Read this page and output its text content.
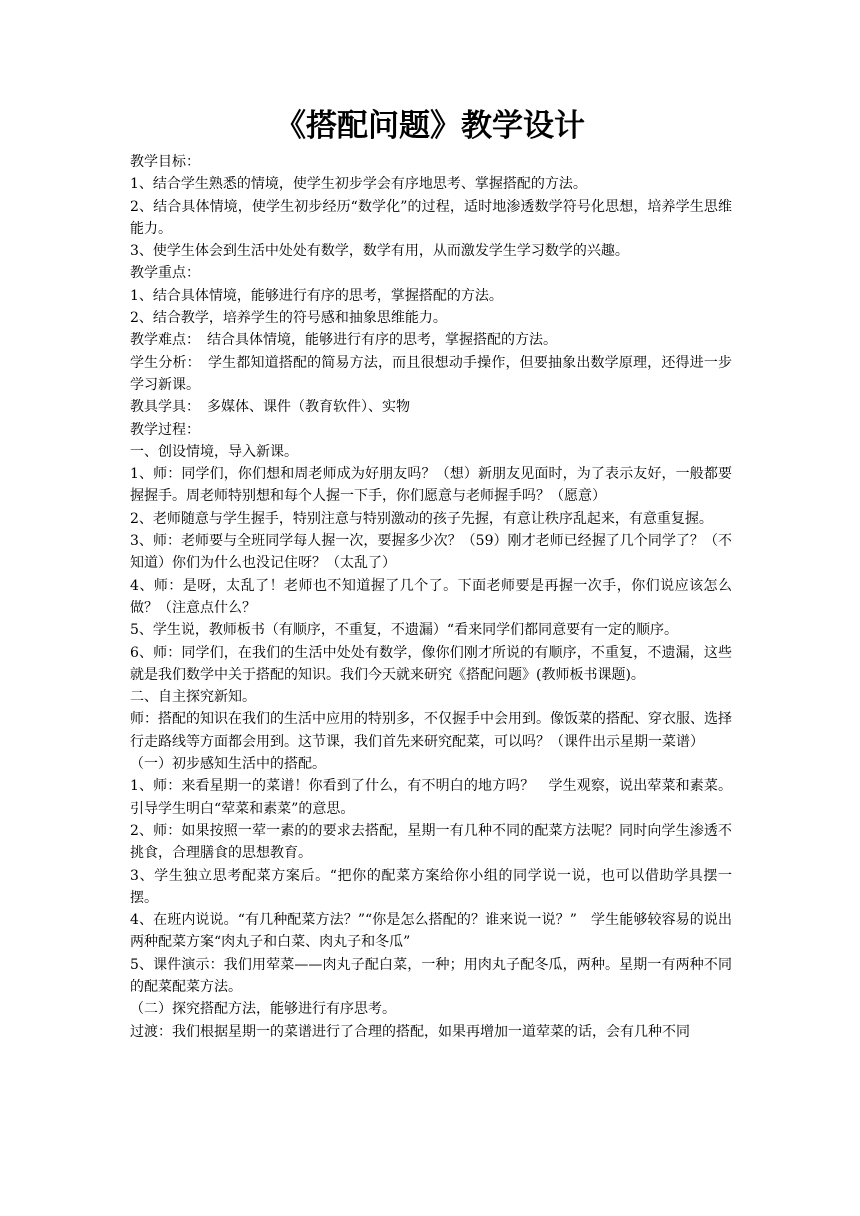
《搭配问题》教学设计

教学目标：

1、结合学生熟悉的情境，使学生初步学会有序地思考、掌握搭配的方法。

2、结合具体情境，使学生初步经历“数学化”的过程，适时地渗透数学符号化思想，培养学生思维能力。

3、使学生体会到生活中处处有数学，数学有用，从而激发学生学习数学的兴趣。

教学重点：

1、结合具体情境，能够进行有序的思考，掌握搭配的方法。

2、结合教学，培养学生的符号感和抽象思维能力。

教学难点：　结合具体情境，能够进行有序的思考，掌握搭配的方法。

学生分析：　学生都知道搭配的简易方法，而且很想动手操作，但要抽象出数学原理，还得进一步学习新课。

教具学具：　多媒体、课件（教育软件）、实物

教学过程：

一、创设情境，导入新课。

1、师：同学们，你们想和周老师成为好朋友吗？（想）新朋友见面时，为了表示友好，一般都要握握手。周老师特别想和每个人握一下手，你们愿意与老师握手吗？（愿意）

2、老师随意与学生握手，特别注意与特别激动的孩子先握，有意让秩序乱起来，有意重复握。

3、师：老师要与全班同学每人握一次，要握多少次？（59）刚才老师已经握了几个同学了？（不知道）你们为什么也没记住呀？（太乱了）

4、师：是呀，太乱了！老师也不知道握了几个了。下面老师要是再握一次手，你们说应该怎么做？（注意点什么？

5、学生说，教师板书（有顺序，不重复，不遗漏）“看来同学们都同意要有一定的顺序。

6、师：同学们，在我们的生活中处处有数学，像你们刚才所说的有顺序，不重复，不遗漏，这些就是我们数学中关于搭配的知识。我们今天就来研究《搭配问题》(教师板书课题)。

二、自主探究新知。

师：搭配的知识在我们的生活中应用的特别多，不仅握手中会用到。像饭菜的搭配、穿衣服、选择行走路线等方面都会用到。这节课，我们首先来研究配菜，可以吗？（课件出示星期一菜谱）

（一）初步感知生活中的搭配。

1、师：来看星期一的菜谱！你看到了什么，有不明白的地方吗？　学生观察，说出荤菜和素菜。引导学生明白“荤菜和素菜”的意思。

2、师：如果按照一荤一素的的要求去搭配，星期一有几种不同的配菜方法呢？同时向学生渗透不挑食，合理膳食的思想教育。

3、学生独立思考配菜方案后。“把你的配菜方案给你小组的同学说一说，也可以借助学具摆一摆。

4、在班内说说。“有几种配菜方法？”“你是怎么搭配的？谁来说一说？”　学生能够较容易的说出两种配菜方案“肉丸子和白菜、肉丸子和冬瓜”

5、课件演示：我们用荤菜——肉丸子配白菜，一种；用肉丸子配冬瓜，两种。星期一有两种不同的配菜配菜方法。

（二）探究搭配方法，能够进行有序思考。

过渡：我们根据星期一的菜谱进行了合理的搭配，如果再增加一道荤菜的话，会有几种不同
